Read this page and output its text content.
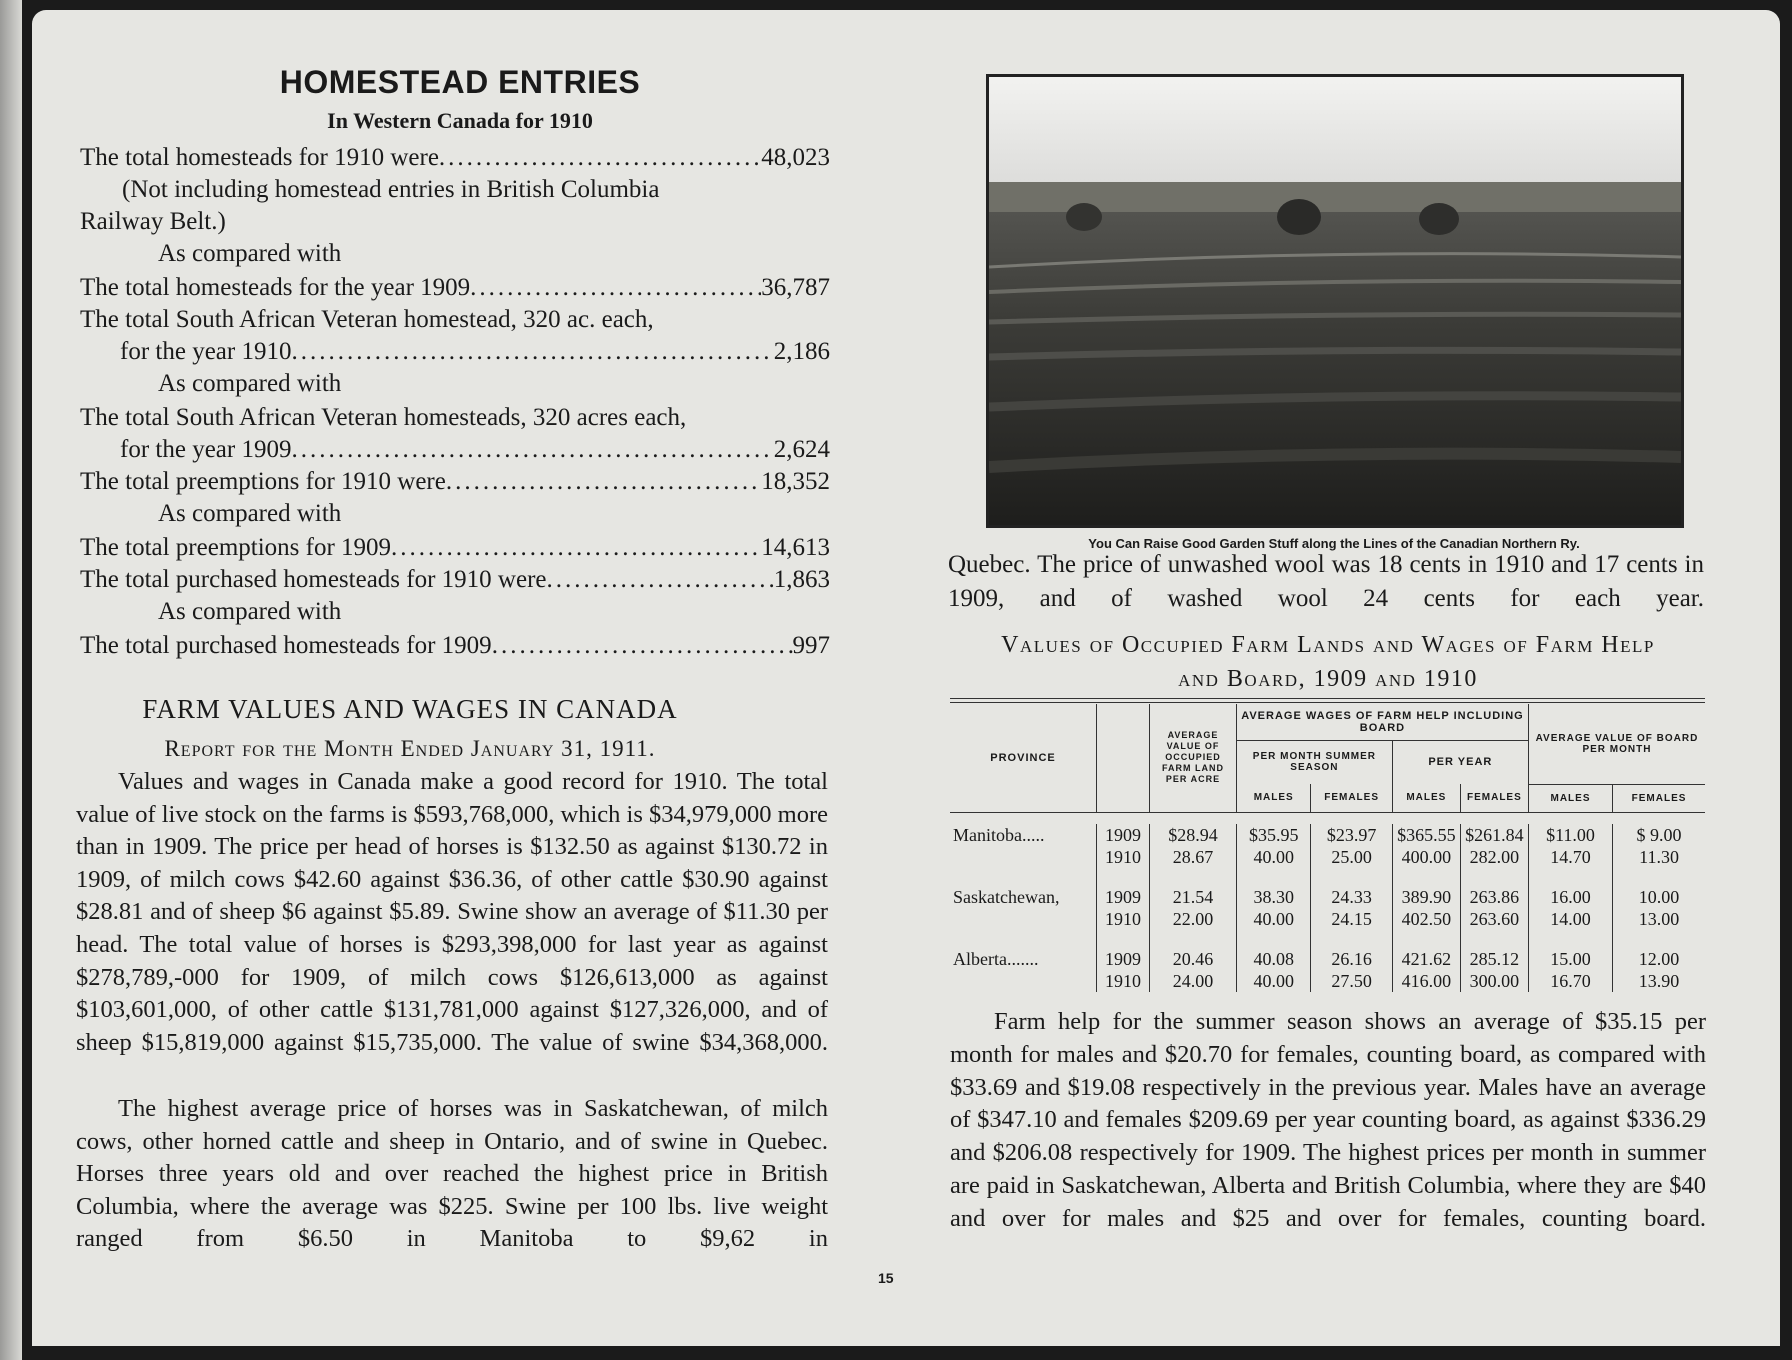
HOMESTEAD ENTRIES
In Western Canada for 1910
The total homesteads for 1910 were .....	48,023
(Not including homestead entries in British Columbia
Railway Belt.)
As compared with
The total homesteads for the year 1909 .....	36,787
The total South African Veteran homestead, 320 ac. each,
for the year 1910 .....	2,186
As compared with
The total South African Veteran homesteads, 320 acres each,
for the year 1909 .....	2,624
The total preemptions for 1910 were .....	18,352
As compared with
The total preemptions for 1909 .....	14,613
The total purchased homesteads for 1910 were .....	1,863
As compared with
The total purchased homesteads for 1909 .....	997
FARM VALUES AND WAGES IN CANADA
Report for the Month Ended January 31, 1911.

Values and wages in Canada make a good record for 1910. The total value of live stock on the farms is $593,768,000, which is $34,979,000 more than in 1909. The price per head of horses is $132.50 as against $130.72 in 1909, of milch cows $42.60 against $36.36, of other cattle $30.90 against $28.81 and of sheep $6 against $5.89. Swine show an average of $11.30 per head. The total value of horses is $293,398,000 for last year as against $278,789,-000 for 1909, of milch cows $126,613,000 as against $103,601,000, of other cattle $131,781,000 against $127,326,000, and of sheep $15,819,000 against $15,735,000. The value of swine $34,368,000.

The highest average price of horses was in Saskatchewan, of milch cows, other horned cattle and sheep in Ontario, and of swine in Quebec. Horses three years old and over reached the highest price in British Columbia, where the average was $225. Swine per 100 lbs. live weight ranged from $6.50 in Manitoba to $9,62 in

You Can Raise Good Garden Stuff along the Lines of the Canadian Northern Ry.

Quebec. The price of unwashed wool was 18 cents in 1910 and 17 cents in 1909, and of washed wool 24 cents for each year.

Values of Occupied Farm Lands and Wages of Farm Help
and Board, 1909 and 1910
PROVINCE		AVERAGE VALUE OF OCCUPIED FARM LAND PER ACRE	AVERAGE WAGES OF FARM HELP INCLUDING BOARD				AVERAGE VALUE OF BOARD PER MONTH	
			PER MONTH SUMMER SEASON		PER YEAR			
			MALES	FEMALES	MALES	FEMALES	MALES	FEMALES

Manitoba.....	1909	$28.94	$35.95	$23.97	$365.55	$261.84	$11.00	$ 9.00
	1910	28.67	40.00	25.00	400.00	282.00	14.70	11.30

Saskatchewan,	1909	21.54	38.30	24.33	389.90	263.86	16.00	10.00
	1910	22.00	40.00	24.15	402.50	263.60	14.00	13.00

Alberta.......	1909	20.46	40.08	26.16	421.62	285.12	15.00	12.00
	1910	24.00	40.00	27.50	416.00	300.00	16.70	13.90

Farm help for the summer season shows an average of $35.15 per month for males and $20.70 for females, counting board, as compared with $33.69 and $19.08 respectively in the previous year. Males have an average of $347.10 and females $209.69 per year counting board, as against $336.29 and $206.08 respectively for 1909. The highest prices per month in summer are paid in Saskatchewan, Alberta and British Columbia, where they are $40 and over for males and $25 and over for females, counting board.

15
